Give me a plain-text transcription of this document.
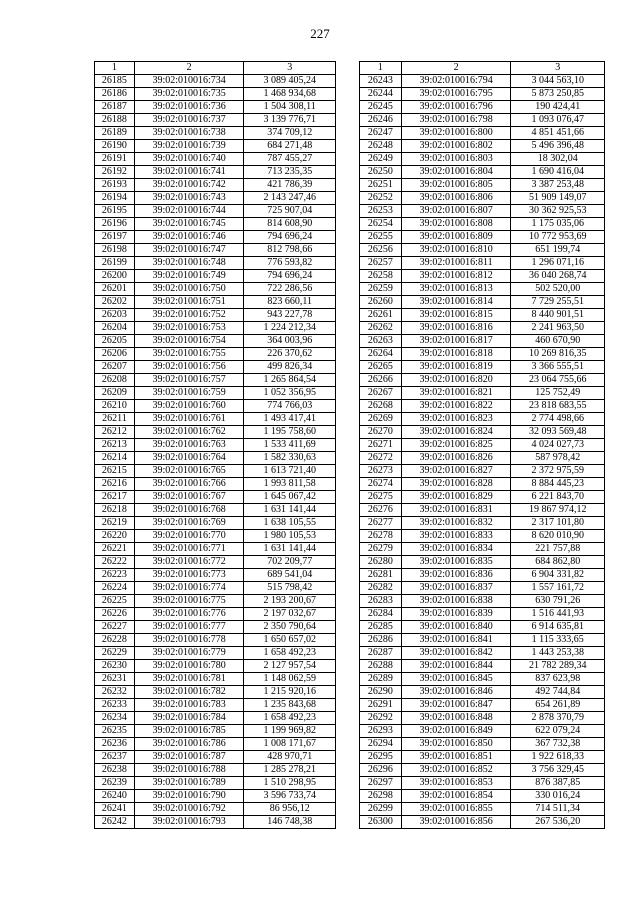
227
1	2	3
26185	39:02:010016:734	3 089 405,24
26186	39:02:010016:735	1 468 934,68
26187	39:02:010016:736	1 504 308,11
26188	39:02:010016:737	3 139 776,71
26189	39:02:010016:738	374 709,12
26190	39:02:010016:739	684 271,48
26191	39:02:010016:740	787 455,27
26192	39:02:010016:741	713 235,35
26193	39:02:010016:742	421 786,39
26194	39:02:010016:743	2 143 247,46
26195	39:02:010016:744	725 907,04
26196	39:02:010016:745	814 608,90
26197	39:02:010016:746	794 696,24
26198	39:02:010016:747	812 798,66
26199	39:02:010016:748	776 593,82
26200	39:02:010016:749	794 696,24
26201	39:02:010016:750	722 286,56
26202	39:02:010016:751	823 660,11
26203	39:02:010016:752	943 227,78
26204	39:02:010016:753	1 224 212,34
26205	39:02:010016:754	364 003,96
26206	39:02:010016:755	226 370,62
26207	39:02:010016:756	499 826,34
26208	39:02:010016:757	1 265 864,54
26209	39:02:010016:759	1 052 356,95
26210	39:02:010016:760	774 766,03
26211	39:02:010016:761	1 493 417,41
26212	39:02:010016:762	1 195 758,60
26213	39:02:010016:763	1 533 411,69
26214	39:02:010016:764	1 582 330,63
26215	39:02:010016:765	1 613 721,40
26216	39:02:010016:766	1 993 811,58
26217	39:02:010016:767	1 645 067,42
26218	39:02:010016:768	1 631 141,44
26219	39:02:010016:769	1 638 105,55
26220	39:02:010016:770	1 980 105,53
26221	39:02:010016:771	1 631 141,44
26222	39:02:010016:772	702 209,77
26223	39:02:010016:773	689 541,04
26224	39:02:010016:774	515 798,42
26225	39:02:010016:775	2 193 200,67
26226	39:02:010016:776	2 197 032,67
26227	39:02:010016:777	2 350 790,64
26228	39:02:010016:778	1 650 657,02
26229	39:02:010016:779	1 658 492,23
26230	39:02:010016:780	2 127 957,54
26231	39:02:010016:781	1 148 062,59
26232	39:02:010016:782	1 215 920,16
26233	39:02:010016:783	1 235 843,68
26234	39:02:010016:784	1 658 492,23
26235	39:02:010016:785	1 199 969,82
26236	39:02:010016:786	1 008 171,67
26237	39:02:010016:787	428 970,71
26238	39:02:010016:788	1 285 278,21
26239	39:02:010016:789	1 510 298,95
26240	39:02:010016:790	3 596 733,74
26241	39:02:010016:792	86 956,12
26242	39:02:010016:793	146 748,38
1	2	3
26243	39:02:010016:794	3 044 563,10
26244	39:02:010016:795	5 873 250,85
26245	39:02:010016:796	190 424,41
26246	39:02:010016:798	1 093 076,47
26247	39:02:010016:800	4 851 451,66
26248	39:02:010016:802	5 496 396,48
26249	39:02:010016:803	18 302,04
26250	39:02:010016:804	1 690 416,04
26251	39:02:010016:805	3 387 253,48
26252	39:02:010016:806	51 909 149,07
26253	39:02:010016:807	30 362 925,53
26254	39:02:010016:808	1 175 035,06
26255	39:02:010016:809	10 772 953,69
26256	39:02:010016:810	651 199,74
26257	39:02:010016:811	1 296 071,16
26258	39:02:010016:812	36 040 268,74
26259	39:02:010016:813	502 520,00
26260	39:02:010016:814	7 729 255,51
26261	39:02:010016:815	8 440 901,51
26262	39:02:010016:816	2 241 963,50
26263	39:02:010016:817	460 670,90
26264	39:02:010016:818	10 269 816,35
26265	39:02:010016:819	3 366 555,51
26266	39:02:010016:820	23 064 755,66
26267	39:02:010016:821	125 752,49
26268	39:02:010016:822	23 818 683,55
26269	39:02:010016:823	2 774 498,66
26270	39:02:010016:824	32 093 569,48
26271	39:02:010016:825	4 024 027,73
26272	39:02:010016:826	587 978,42
26273	39:02:010016:827	2 372 975,59
26274	39:02:010016:828	8 884 445,23
26275	39:02:010016:829	6 221 843,70
26276	39:02:010016:831	19 867 974,12
26277	39:02:010016:832	2 317 101,80
26278	39:02:010016:833	8 620 010,90
26279	39:02:010016:834	221 757,88
26280	39:02:010016:835	684 862,80
26281	39:02:010016:836	6 904 331,82
26282	39:02:010016:837	1 557 161,72
26283	39:02:010016:838	630 791,26
26284	39:02:010016:839	1 516 441,93
26285	39:02:010016:840	6 914 635,81
26286	39:02:010016:841	1 115 333,65
26287	39:02:010016:842	1 443 253,38
26288	39:02:010016:844	21 782 289,34
26289	39:02:010016:845	837 623,98
26290	39:02:010016:846	492 744,84
26291	39:02:010016:847	654 261,89
26292	39:02:010016:848	2 878 370,79
26293	39:02:010016:849	622 079,24
26294	39:02:010016:850	367 732,38
26295	39:02:010016:851	1 922 618,33
26296	39:02:010016:852	3 756 329,45
26297	39:02:010016:853	876 387,85
26298	39:02:010016:854	330 016,24
26299	39:02:010016:855	714 511,34
26300	39:02:010016:856	267 536,20
